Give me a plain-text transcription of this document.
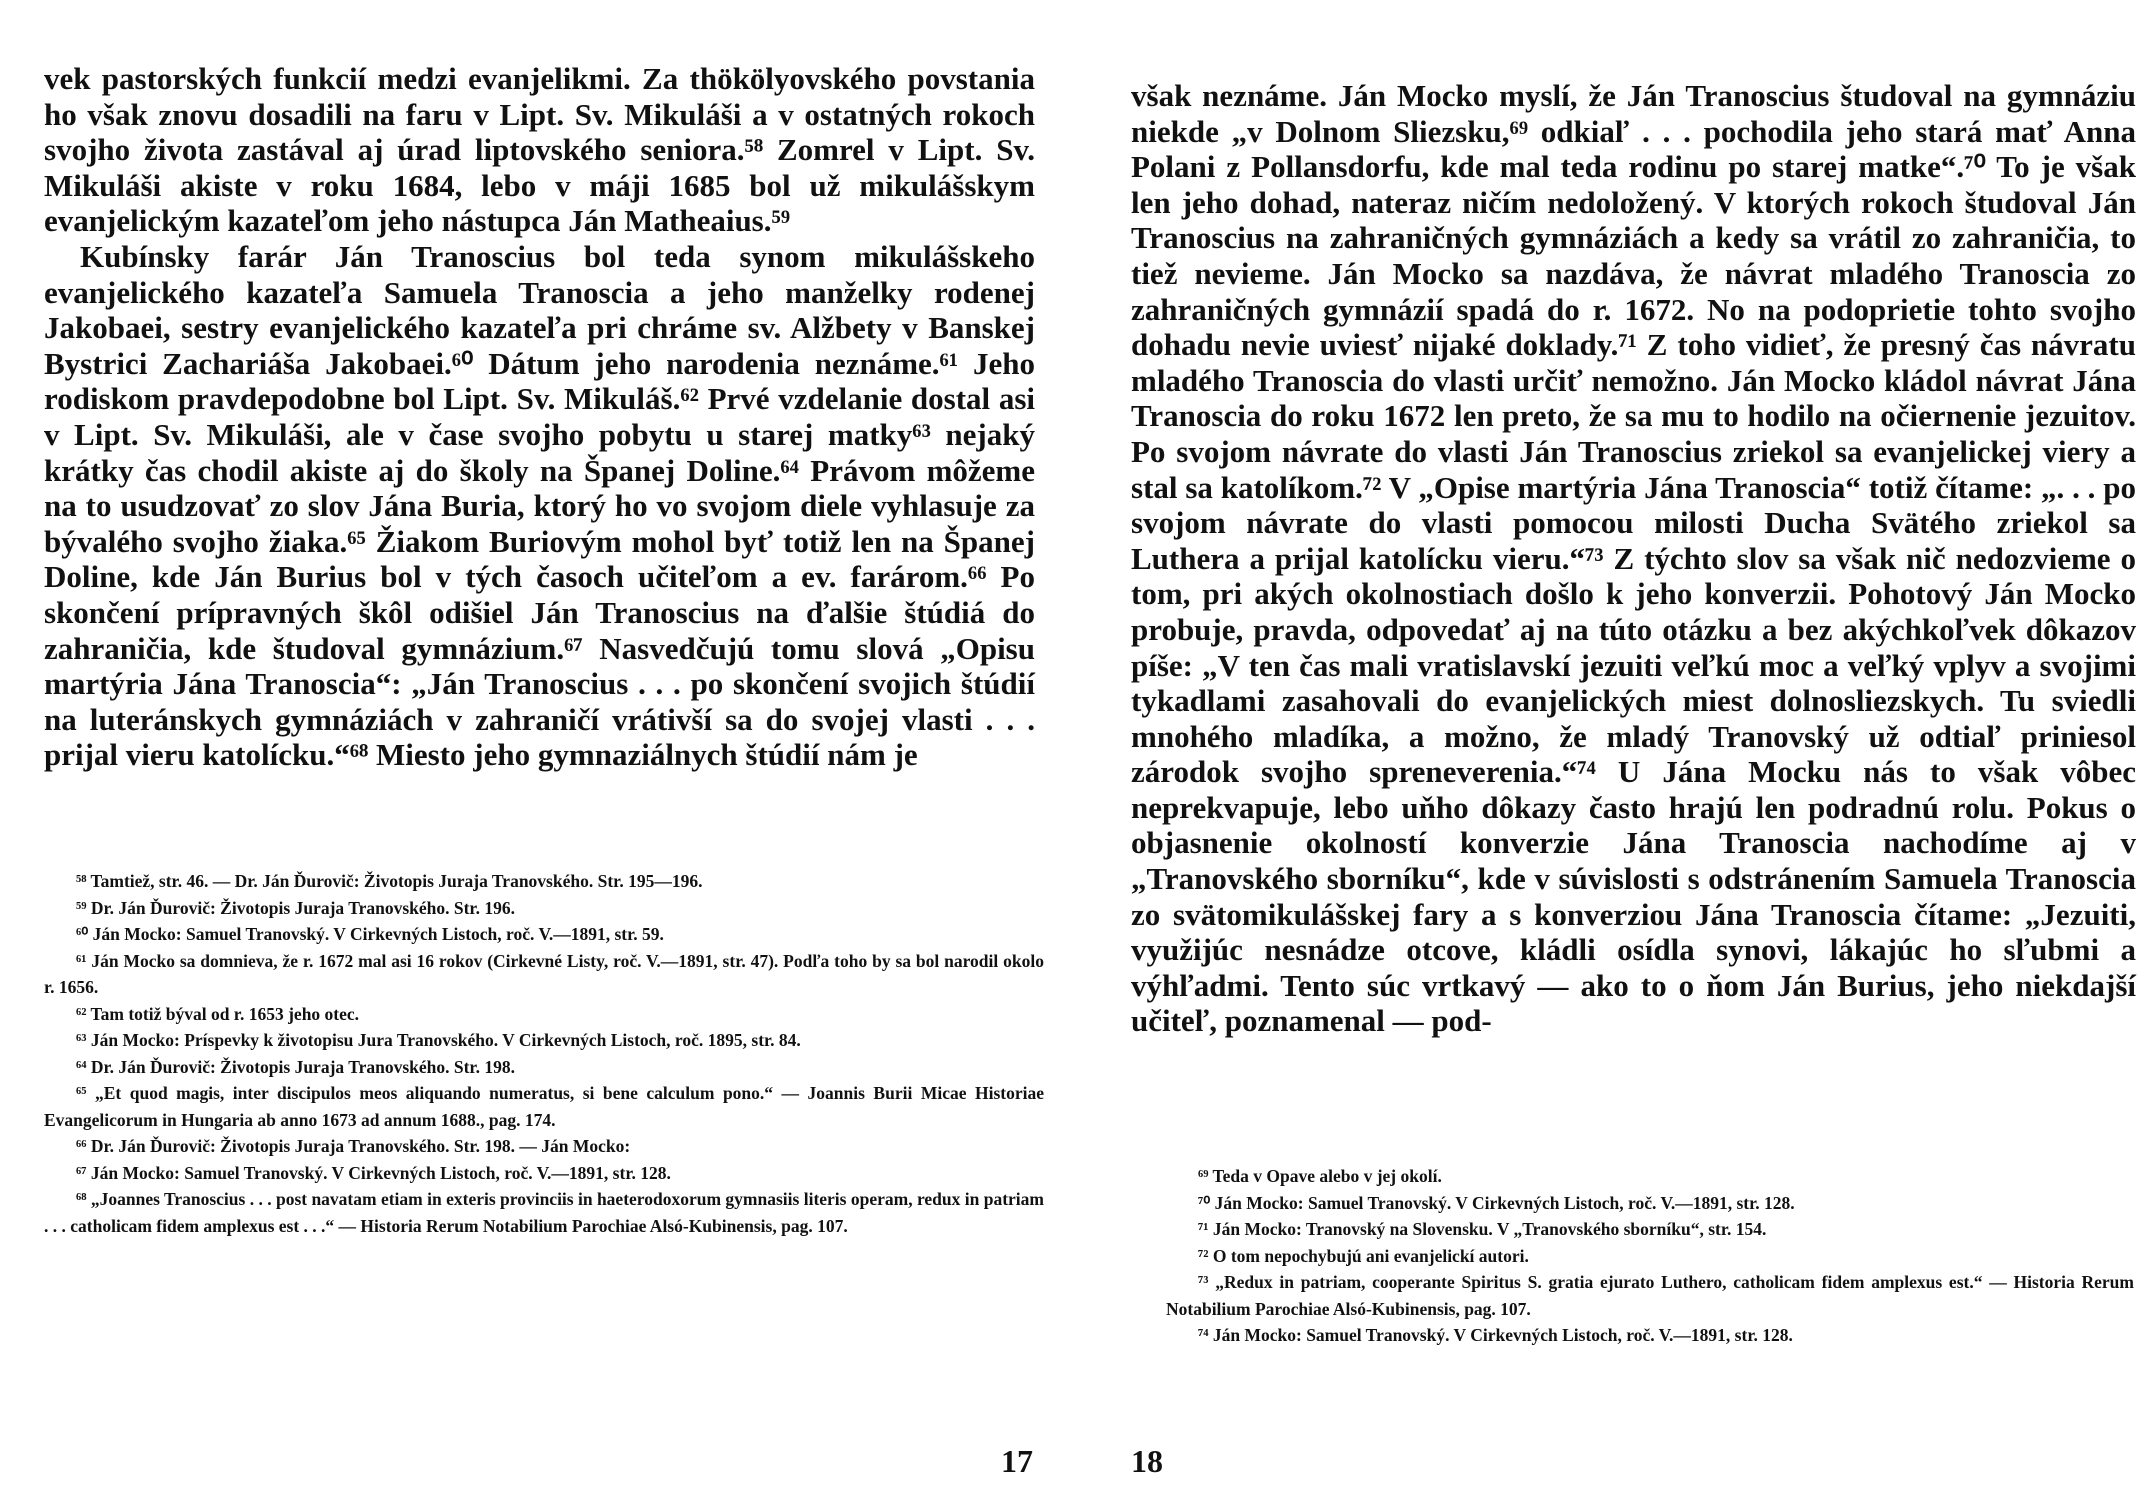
vek pastorských funkcií medzi evanjelikmi. Za thökölyovského povstania ho však znovu dosadili na faru v Lipt. Sv. Mikuláši a v ostatných rokoch svojho života zastával aj úrad liptovského seniora.⁵⁸ Zomrel v Lipt. Sv. Mikuláši akiste v roku 1684, lebo v máji 1685 bol už mikulášskym evanjelickým kazateľom jeho nástupca Ján Matheaius.⁵⁹

Kubínsky farár Ján Tranoscius bol teda synom mikulášskeho evanjelického kazateľa Samuela Tranoscia a jeho manželky rodenej Jakobaei, sestry evanjelického kazateľa pri chráme sv. Alžbety v Banskej Bystrici Zachariáša Jakobaei.⁶⁰ Dátum jeho narodenia neznáme.⁶¹ Jeho rodiskom pravdepodobne bol Lipt. Sv. Mikuláš.⁶² Prvé vzdelanie dostal asi v Lipt. Sv. Mikuláši, ale v čase svojho pobytu u starej matky⁶³ nejaký krátky čas chodil akiste aj do školy na Španej Doline.⁶⁴ Právom môžeme na to usudzovať zo slov Jána Buria, ktorý ho vo svojom diele vyhlasuje za bývalého svojho žiaka.⁶⁵ Žiakom Buriovým mohol byť totiž len na Španej Doline, kde Ján Burius bol v tých časoch učiteľom a ev. farárom.⁶⁶ Po skončení prípravných škôl odišiel Ján Tranoscius na ďalšie štúdiá do zahraničia, kde študoval gymnázium.⁶⁷ Nasvedčujú tomu slová „Opisu martýria Jána Tranoscia“: „Ján Tranoscius . . . po skončení svojich štúdií na luteránskych gymnáziách v zahraničí vrátivší sa do svojej vlasti . . . prijal vieru katolícku.“⁶⁸ Miesto jeho gymnaziálnych štúdií nám je

⁵⁸ Tamtiež, str. 46. — Dr. Ján Ďurovič: Životopis Juraja Tranovského. Str. 195—196.

⁵⁹ Dr. Ján Ďurovič: Životopis Juraja Tranovského. Str. 196.

⁶⁰ Ján Mocko: Samuel Tranovský. V Cirkevných Listoch, roč. V.—1891, str. 59.

⁶¹ Ján Mocko sa domnieva, že r. 1672 mal asi 16 rokov (Cirkevné Listy, roč. V.—1891, str. 47). Podľa toho by sa bol narodil okolo r. 1656.

⁶² Tam totiž býval od r. 1653 jeho otec.

⁶³ Ján Mocko: Príspevky k životopisu Jura Tranovského. V Cirkevných Listoch, roč. 1895, str. 84.

⁶⁴ Dr. Ján Ďurovič: Životopis Juraja Tranovského. Str. 198.

⁶⁵ „Et quod magis, inter discipulos meos aliquando numeratus, si bene calculum pono.“ — Joannis Burii Micae Historiae Evangelicorum in Hungaria ab anno 1673 ad annum 1688., pag. 174.

⁶⁶ Dr. Ján Ďurovič: Životopis Juraja Tranovského. Str. 198. — Ján Mocko:

⁶⁷ Ján Mocko: Samuel Tranovský. V Cirkevných Listoch, roč. V.—1891, str. 128.

⁶⁸ „Joannes Tranoscius . . . post navatam etiam in exteris provinciis in haeterodoxorum gymnasiis literis operam, redux in patriam . . . catholicam fidem amplexus est . . .“ — Historia Rerum Notabilium Parochiae Alsó-Kubinensis, pag. 107.

17

však neznáme. Ján Mocko myslí, že Ján Tranoscius študoval na gymnáziu niekde „v Dolnom Sliezsku,⁶⁹ odkiaľ . . . pochodila jeho stará mať Anna Polani z Pollansdorfu, kde mal teda rodinu po starej matke“.⁷⁰ To je však len jeho dohad, nateraz ničím nedoložený. V ktorých rokoch študoval Ján Tranoscius na zahraničných gymnáziách a kedy sa vrátil zo zahraničia, to tiež nevieme. Ján Mocko sa nazdáva, že návrat mladého Tranoscia zo zahraničných gymnázií spadá do r. 1672. No na podoprietie tohto svojho dohadu nevie uviesť nijaké doklady.⁷¹ Z toho vidieť, že presný čas návratu mladého Tranoscia do vlasti určiť nemožno. Ján Mocko kládol návrat Jána Tranoscia do roku 1672 len preto, že sa mu to hodilo na očiernenie jezuitov. Po svojom návrate do vlasti Ján Tranoscius zriekol sa evanjelickej viery a stal sa katolíkom.⁷² V „Opise martýria Jána Tranoscia“ totiž čítame: „. . . po svojom návrate do vlasti pomocou milosti Ducha Svätého zriekol sa Luthera a prijal katolícku vieru.“⁷³ Z týchto slov sa však nič nedozvieme o tom, pri akých okolnostiach došlo k jeho konverzii. Pohotový Ján Mocko probuje, pravda, odpovedať aj na túto otázku a bez akýchkoľvek dôkazov píše: „V ten čas mali vratislavskí jezuiti veľkú moc a veľký vplyv a svojimi tykadlami zasahovali do evanjelických miest dolnosliezskych. Tu sviedli mnohého mladíka, a možno, že mladý Tranovský už odtiaľ priniesol zárodok svojho spreneverenia.“⁷⁴ U Jána Mocku nás to však vôbec neprekvapuje, lebo uňho dôkazy často hrajú len podradnú rolu. Pokus o objasnenie okolností konverzie Jána Tranoscia nachodíme aj v „Tranovského sborníku“, kde v súvislosti s odstránením Samuela Tranoscia zo svätomikulášskej fary a s konverziou Jána Tranoscia čítame: „Jezuiti, využijúc nesnádze otcove, kládli osídla synovi, lákajúc ho sľubmi a výhľadmi. Tento súc vrtkavý — ako to o ňom Ján Burius, jeho niekdajší učiteľ, poznamenal — pod-

⁶⁹ Teda v Opave alebo v jej okolí.

⁷⁰ Ján Mocko: Samuel Tranovský. V Cirkevných Listoch, roč. V.—1891, str. 128.

⁷¹ Ján Mocko: Tranovský na Slovensku. V „Tranovského sborníku“, str. 154.

⁷² O tom nepochybujú ani evanjelickí autori.

⁷³ „Redux in patriam, cooperante Spiritus S. gratia ejurato Luthero, catholicam fidem amplexus est.“ — Historia Rerum Notabilium Parochiae Alsó-Kubinensis, pag. 107.

⁷⁴ Ján Mocko: Samuel Tranovský. V Cirkevných Listoch, roč. V.—1891, str. 128.

18
